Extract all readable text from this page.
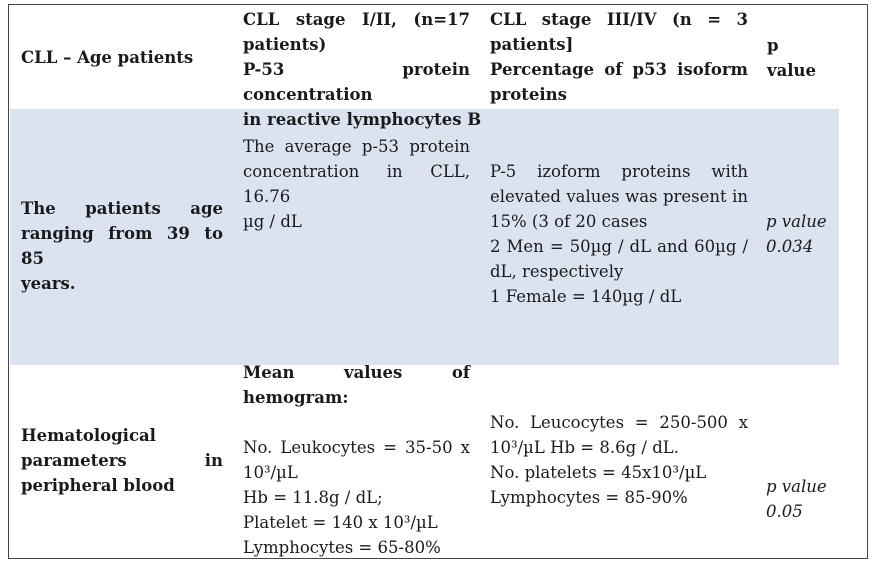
CLL – Age patients
CLL stage I/II, (n=17
patients)
P-53 protein concentration
in reactive lymphocytes B
CLL stage III/IV (n = 3
patients]
Percentage of p53 isoform
proteins
p
value
The patients age
ranging from 39 to 85
years.
The average p-53 protein
concentration in CLL, 16.76
µg / dL
P-5 izoform proteins with
elevated values was present in
15% (3 of 20 cases
2 Men = 50µg / dL and 60µg /
dL, respectively
1 Female = 140µg / dL
p value
0.034
Hematological
parameters in
peripheral blood
Mean values of
hemogram:
No. Leukocytes = 35-50 x
10³/µL
Hb = 11.8g / dL;
Platelet = 140 x 10³/µL
Lymphocytes = 65-80%
No. Leucocytes = 250-500 x
10³/µL Hb = 8.6g / dL.
No. platelets = 45x10³/µL
Lymphocytes = 85-90%
p value
0.05
